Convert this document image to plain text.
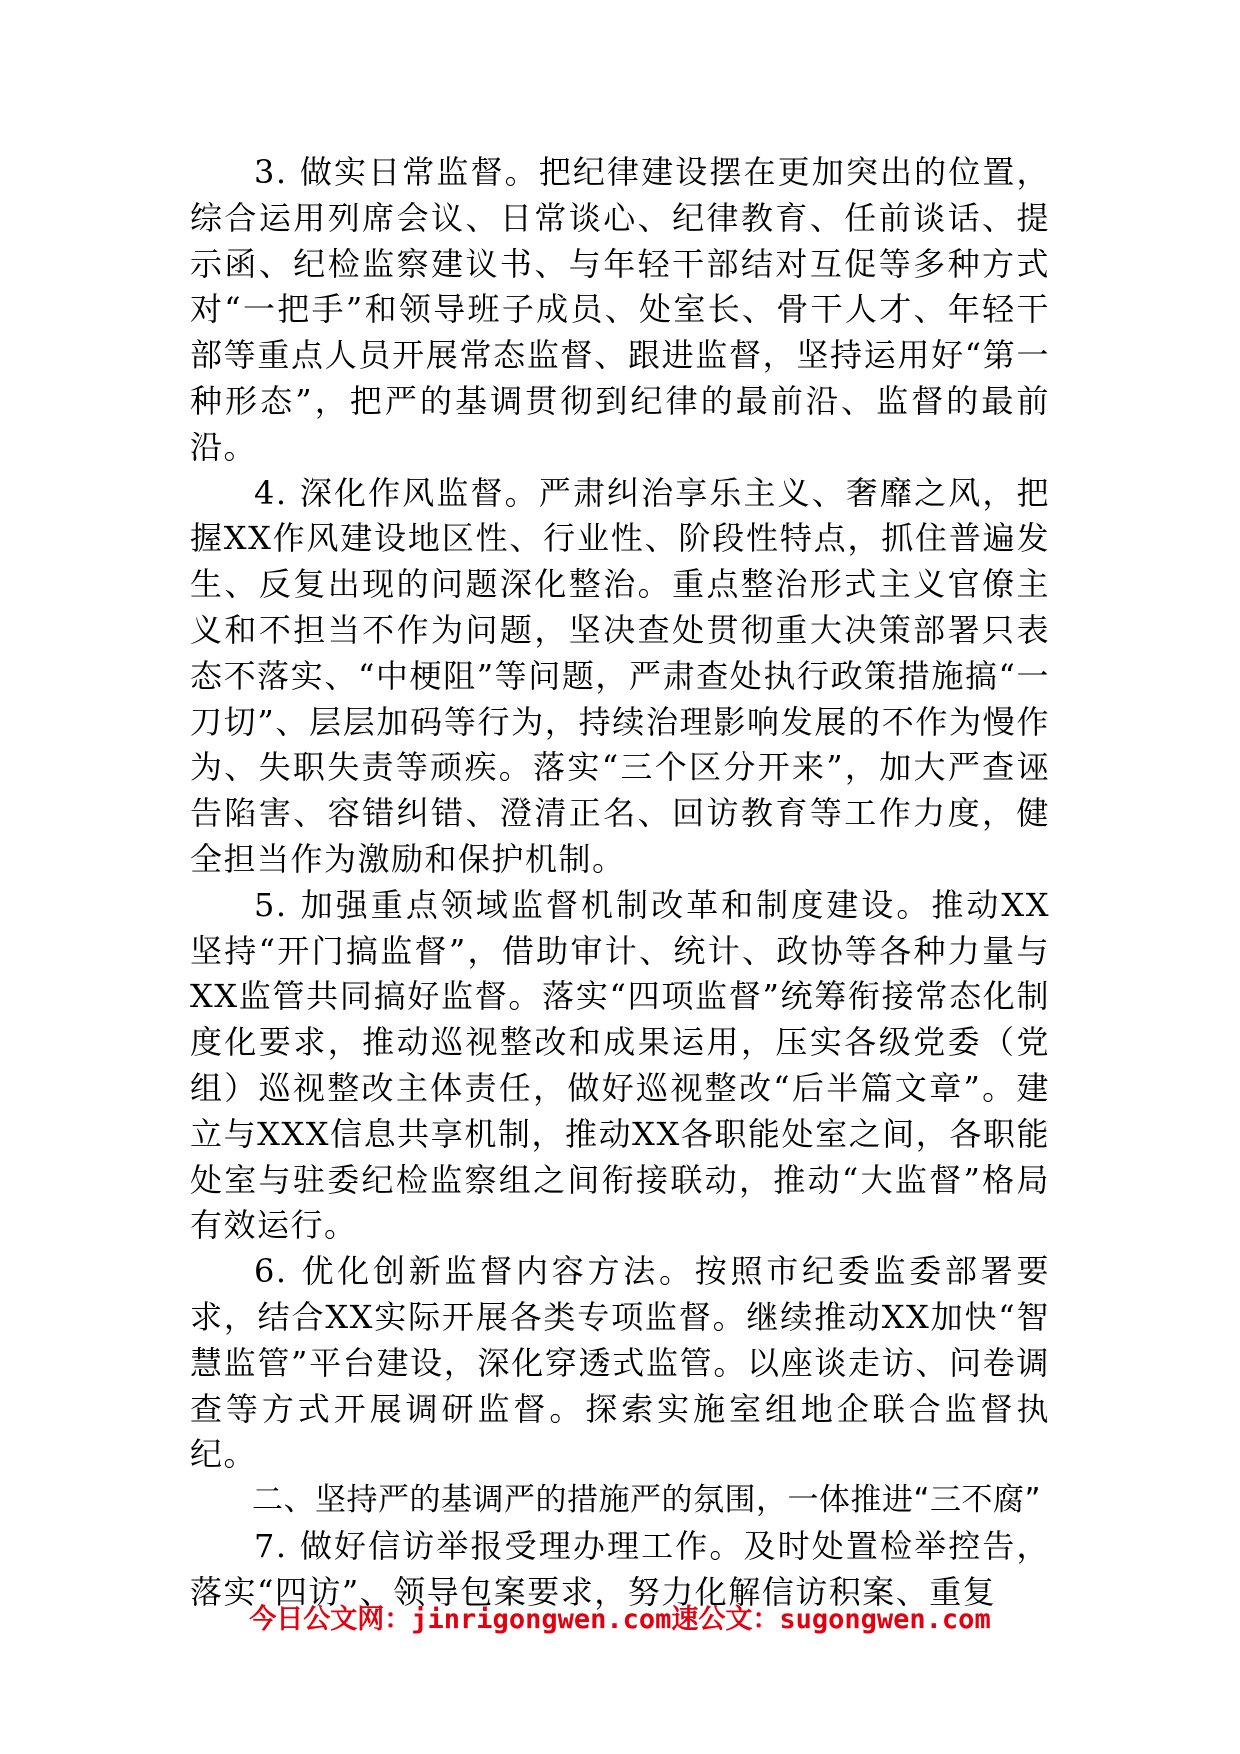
3. 做实日常监督。把纪律建设摆在更加突出的位置，综合运用列席会议、日常谈心、纪律教育、任前谈话、提示函、纪检监察建议书、与年轻干部结对互促等多种方式对“一把手”和领导班子成员、处室长、骨干人才、年轻干部等重点人员开展常态监督、跟进监督，坚持运用好“第一种形态”，把严的基调贯彻到纪律的最前沿、监督的最前沿。

4. 深化作风监督。严肃纠治享乐主义、奢靡之风，把握XX作风建设地区性、行业性、阶段性特点，抓住普遍发生、反复出现的问题深化整治。重点整治形式主义官僚主义和不担当不作为问题，坚决查处贯彻重大决策部署只表态不落实、“中梗阻”等问题，严肃查处执行政策措施搞“一刀切”、层层加码等行为，持续治理影响发展的不作为慢作为、失职失责等顽疾。落实“三个区分开来”，加大严查诬告陷害、容错纠错、澄清正名、回访教育等工作力度，健全担当作为激励和保护机制。

5. 加强重点领域监督机制改革和制度建设。推动XX坚持“开门搞监督”，借助审计、统计、政协等各种力量与XX监管共同搞好监督。落实“四项监督”统筹衔接常态化制度化要求，推动巡视整改和成果运用，压实各级党委（党组）巡视整改主体责任，做好巡视整改“后半篇文章”。建立与XXX信息共享机制，推动XX各职能处室之间，各职能处室与驻委纪检监察组之间衔接联动，推动“大监督”格局有效运行。

6. 优化创新监督内容方法。按照市纪委监委部署要求，结合XX实际开展各类专项监督。继续推动XX加快“智慧监管”平台建设，深化穿透式监管。以座谈走访、问卷调查等方式开展调研监督。探索实施室组地企联合监督执纪。

二、坚持严的基调严的措施严的氛围，一体推进“三不腐”

7. 做好信访举报受理办理工作。及时处置检举控告，落实“四访”、领导包案要求，努力化解信访积案、重复

今日公文网：jinrigongwen.com速公文：sugongwen.com
